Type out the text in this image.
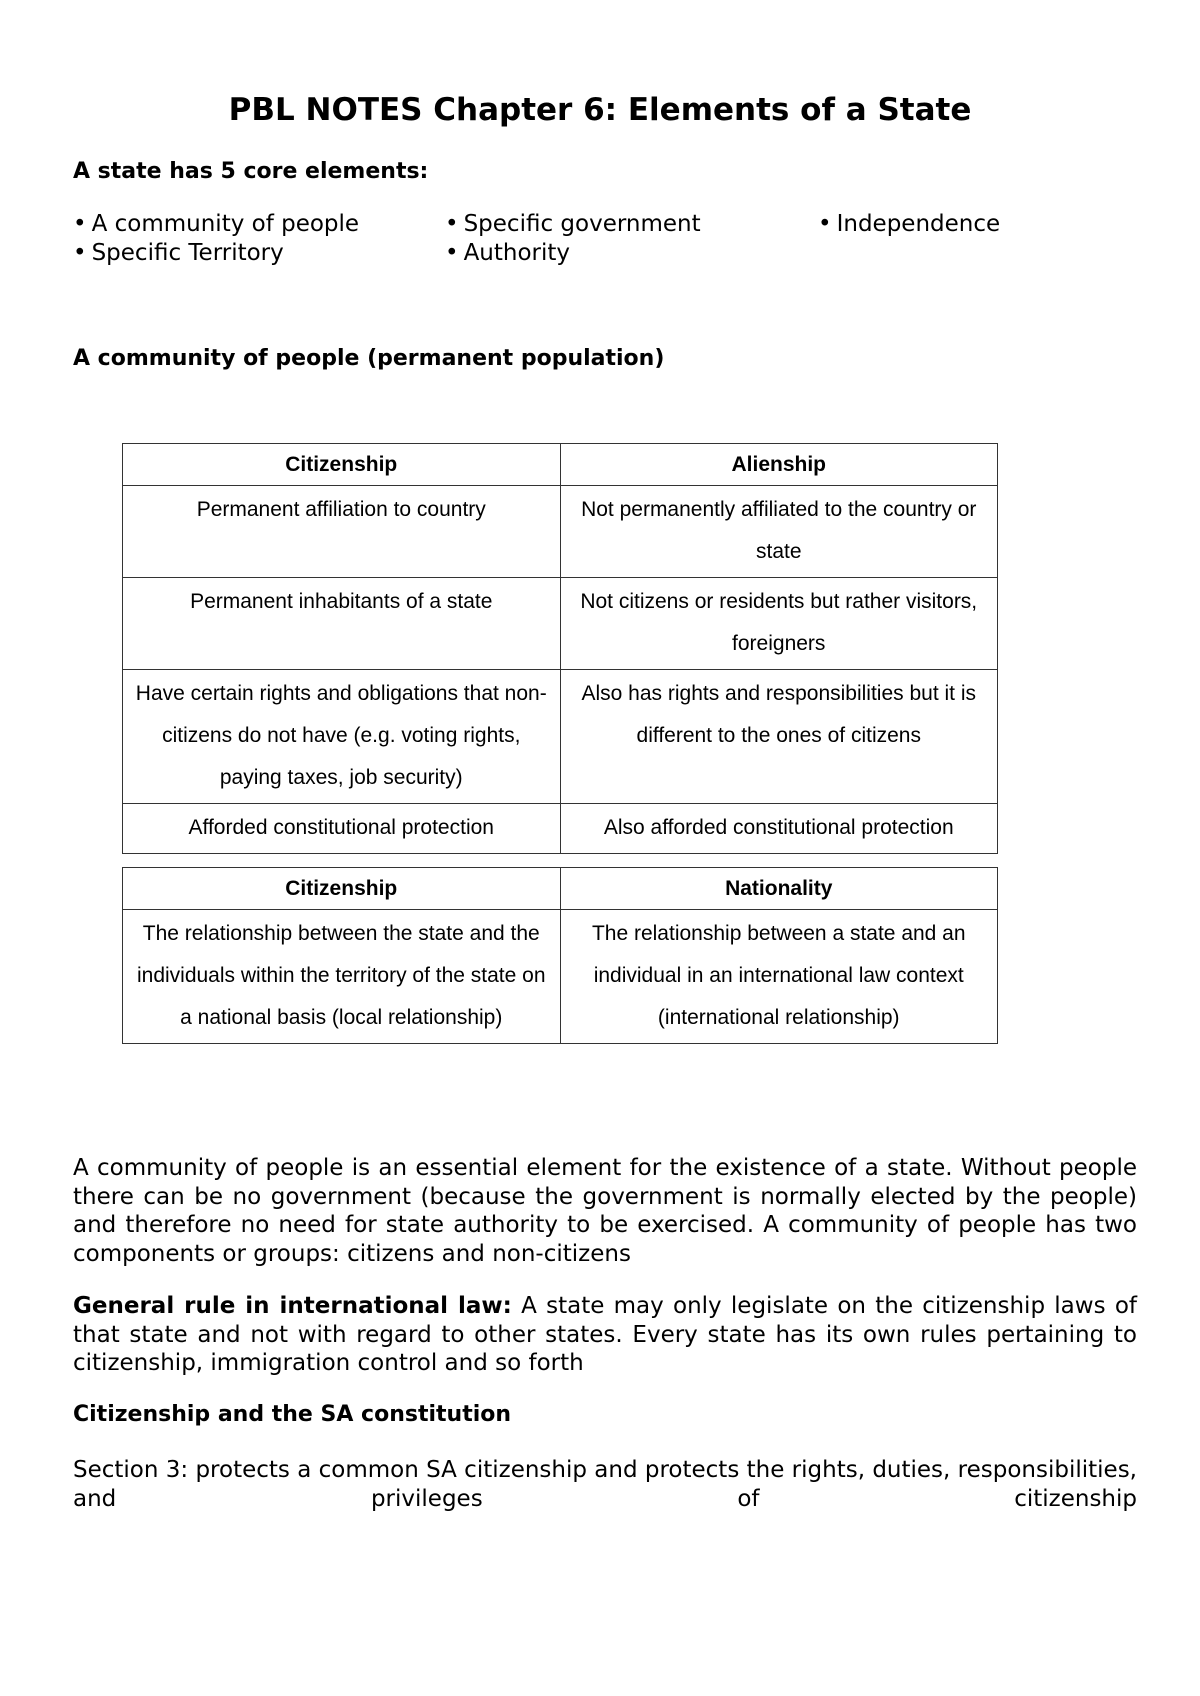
PBL NOTES Chapter 6: Elements of a State

A state has 5 core elements:

• A community of people
• Specific Territory
• Specific government
• Authority
• Independence

A community of people (permanent population)

Citizenship	Alienship
Permanent affiliation to country	Not permanently affiliated to the country or state
Permanent inhabitants of a state	Not citizens or residents but rather visitors, foreigners
Have certain rights and obligations that non-citizens do not have (e.g. voting rights, paying taxes, job security)	Also has rights and responsibilities but it is different to the ones of citizens
Afforded constitutional protection	Also afforded constitutional protection
Citizenship	Nationality
The relationship between the state and the individuals within the territory of the state on a national basis (local relationship)	The relationship between a state and an individual in an international law context (international relationship)

A community of people is an essential element for the existence of a state. Without people there can be no government (because the government is normally elected by the people) and therefore no need for state authority to be exercised. A community of people has two components or groups: citizens and non-citizens

General rule in international law: A state may only legislate on the citizenship laws of that state and not with regard to other states. Every state has its own rules pertaining to citizenship, immigration control and so forth

Citizenship and the SA constitution

Section 3: protects a common SA citizenship and protects the rights, duties, responsibilities, and privileges of citizenship
